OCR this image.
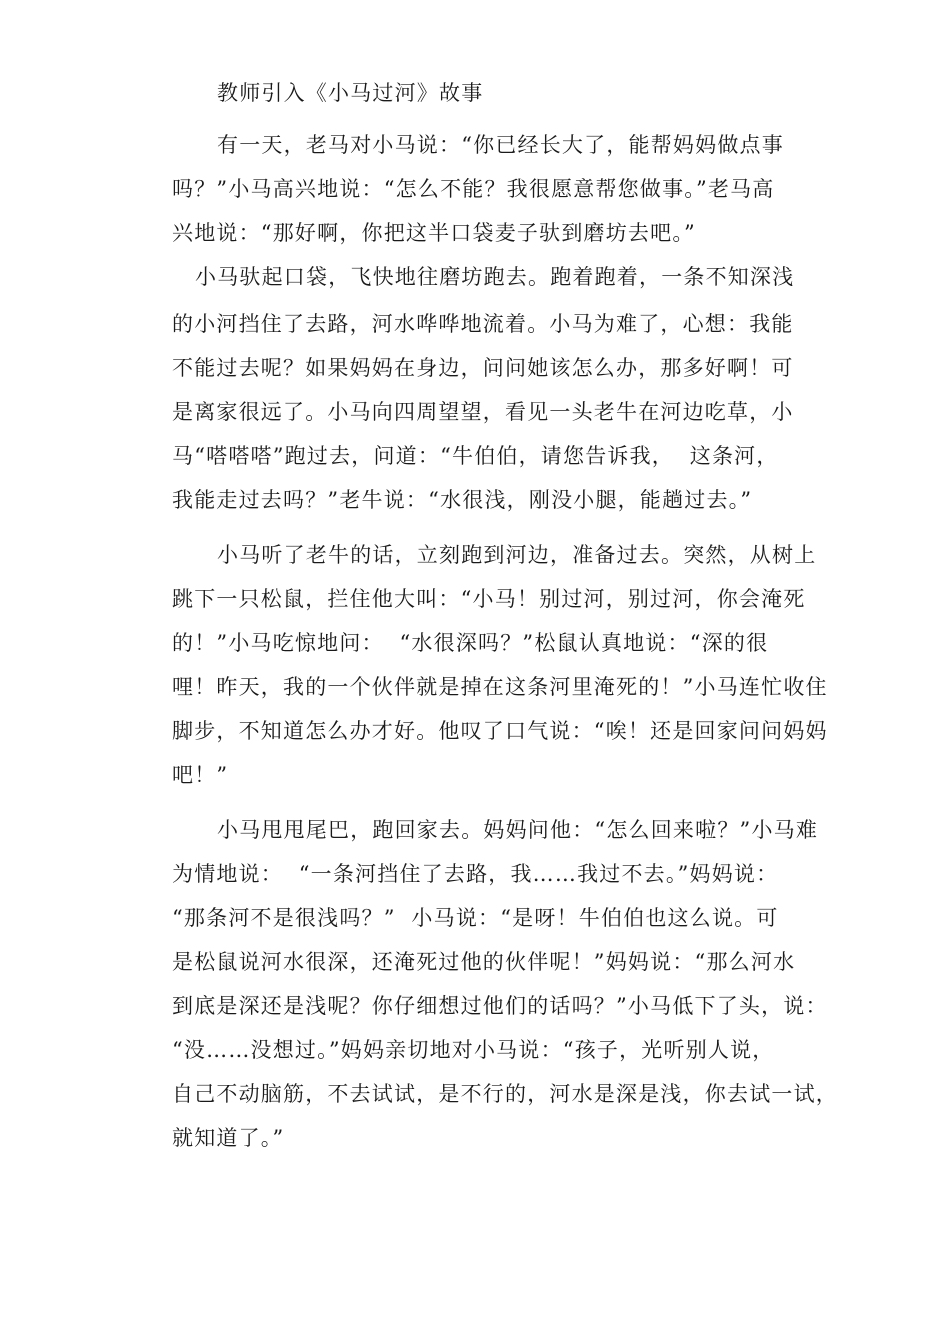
教师引入《小马过河》故事
有一天，老马对小马说：“你已经长大了，能帮妈妈做点事
吗？”小马高兴地说：“怎么不能？我很愿意帮您做事。”老马高
兴地说：“那好啊，你把这半口袋麦子驮到磨坊去吧。”
小马驮起口袋，飞快地往磨坊跑去。跑着跑着，一条不知深浅
的小河挡住了去路，河水哗哗地流着。小马为难了，心想：我能
不能过去呢？如果妈妈在身边，问问她该怎么办，那多好啊！可
是离家很远了。小马向四周望望，看见一头老牛在河边吃草，小
马“嗒嗒嗒”跑过去，问道：“牛伯伯，请您告诉我，  这条河，
我能走过去吗？”老牛说：“水很浅，刚没小腿，能趟过去。”
小马听了老牛的话，立刻跑到河边，准备过去。突然，从树上
跳下一只松鼠，拦住他大叫：“小马！别过河，别过河，你会淹死
的！”小马吃惊地问：  “水很深吗？”松鼠认真地说：“深的很
哩！昨天，我的一个伙伴就是掉在这条河里淹死的！”小马连忙收住
脚步，不知道怎么办才好。他叹了口气说：“唉！还是回家问问妈妈
吧！”
小马甩甩尾巴，跑回家去。妈妈问他：“怎么回来啦？”小马难
为情地说：  “一条河挡住了去路，我……我过不去。”妈妈说：
“那条河不是很浅吗？”  小马说：“是呀！牛伯伯也这么说。可
是松鼠说河水很深，还淹死过他的伙伴呢！”妈妈说：“那么河水
到底是深还是浅呢？你仔细想过他们的话吗？”小马低下了头，说：
“没……没想过。”妈妈亲切地对小马说：“孩子，光听别人说，
自己不动脑筋，不去试试，是不行的，河水是深是浅，你去试一试，
就知道了。”
